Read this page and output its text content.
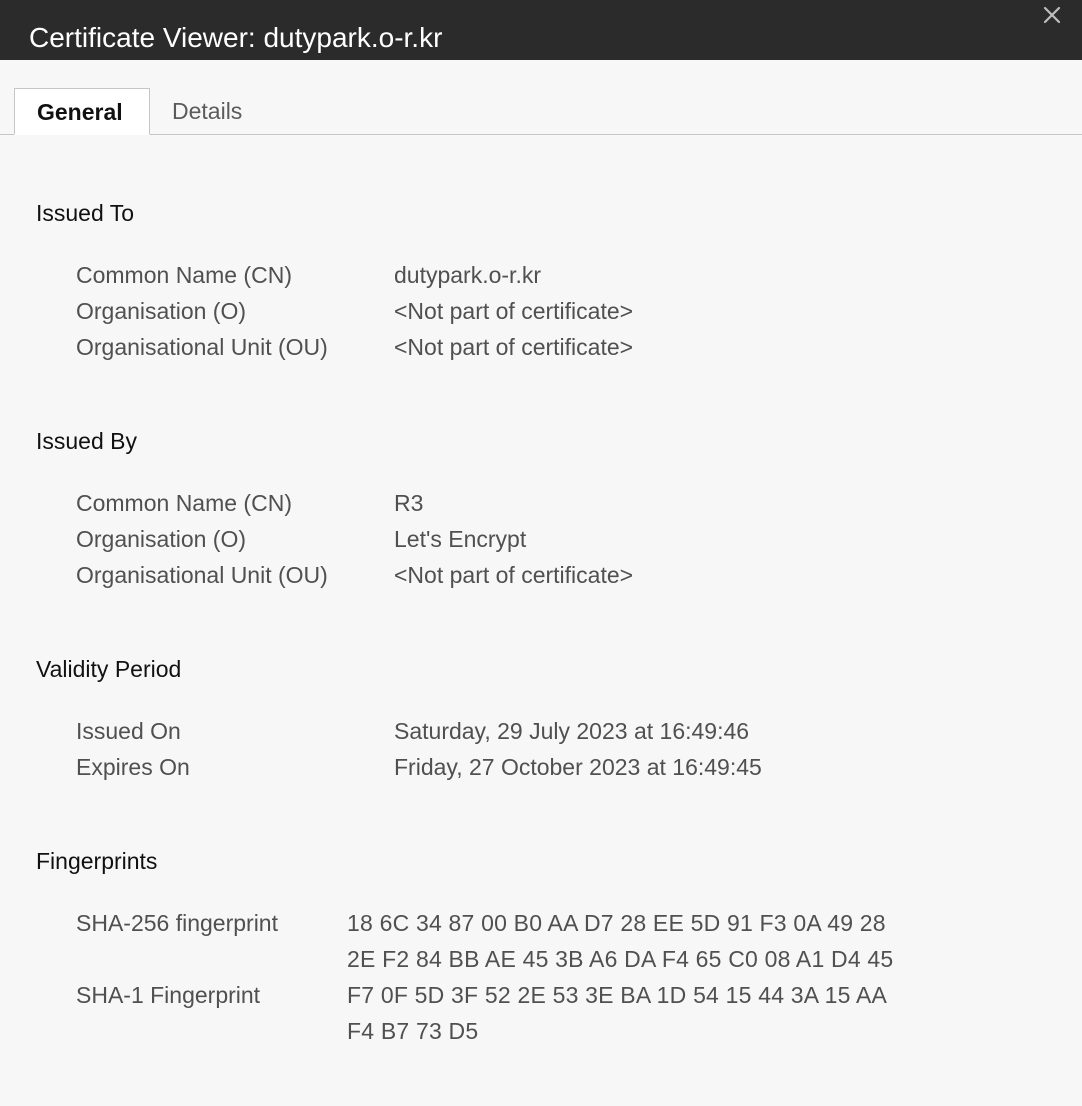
Certificate Viewer: dutypark.o-r.kr
General	Details
Issued To
Common Name (CN)	dutypark.o-r.kr
Organisation (O)	<Not part of certificate>
Organisational Unit (OU)	<Not part of certificate>
Issued By
Common Name (CN)	R3
Organisation (O)	Let's Encrypt
Organisational Unit (OU)	<Not part of certificate>
Validity Period
Issued On	Saturday, 29 July 2023 at 16:49:46
Expires On	Friday, 27 October 2023 at 16:49:45
Fingerprints
SHA-256 fingerprint	18 6C 34 87 00 B0 AA D7 28 EE 5D 91 F3 0A 49 28
2E F2 84 BB AE 45 3B A6 DA F4 65 C0 08 A1 D4 45
SHA-1 Fingerprint	F7 0F 5D 3F 52 2E 53 3E BA 1D 54 15 44 3A 15 AA
F4 B7 73 D5
